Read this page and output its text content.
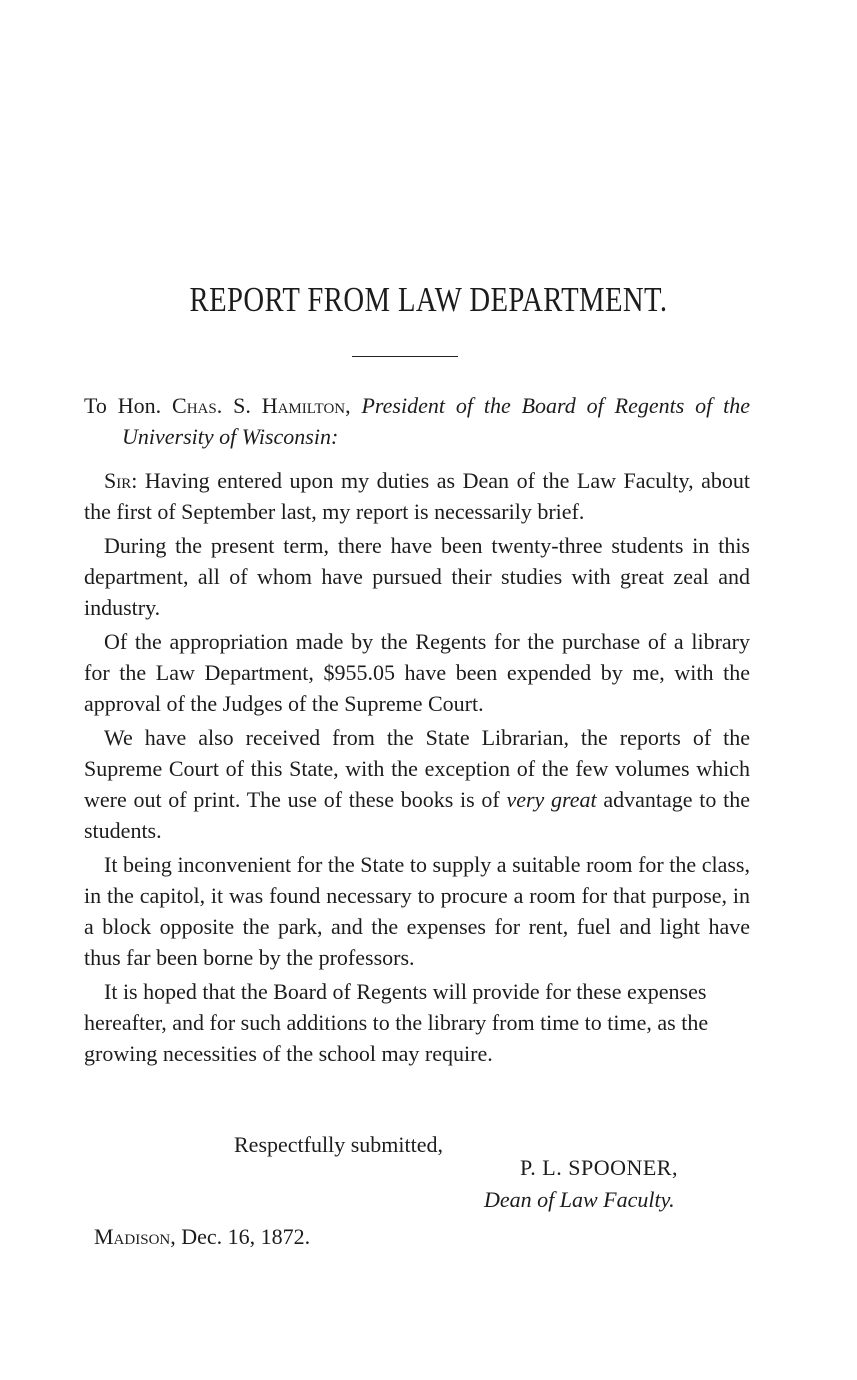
REPORT FROM LAW DEPARTMENT.

To Hon. Chas. S. Hamilton, President of the Board of Regents of the University of Wisconsin:

Sir: Having entered upon my duties as Dean of the Law Faculty, about the first of September last, my report is necessarily brief.

During the present term, there have been twenty-three students in this department, all of whom have pursued their studies with great zeal and industry.

Of the appropriation made by the Regents for the purchase of a library for the Law Department, $955.05 have been expended by me, with the approval of the Judges of the Supreme Court.

We have also received from the State Librarian, the reports of the Supreme Court of this State, with the exception of the few volumes which were out of print. The use of these books is of very great advantage to the students.

It being inconvenient for the State to supply a suitable room for the class, in the capitol, it was found necessary to procure a room for that purpose, in a block opposite the park, and the expenses for rent, fuel and light have thus far been borne by the professors.

It is hoped that the Board of Regents will provide for these expenses hereafter, and for such additions to the library from time to time, as the growing necessities of the school may require.

Respectfully submitted,
P. L. SPOONER,
Dean of Law Faculty.
Madison, Dec. 16, 1872.
